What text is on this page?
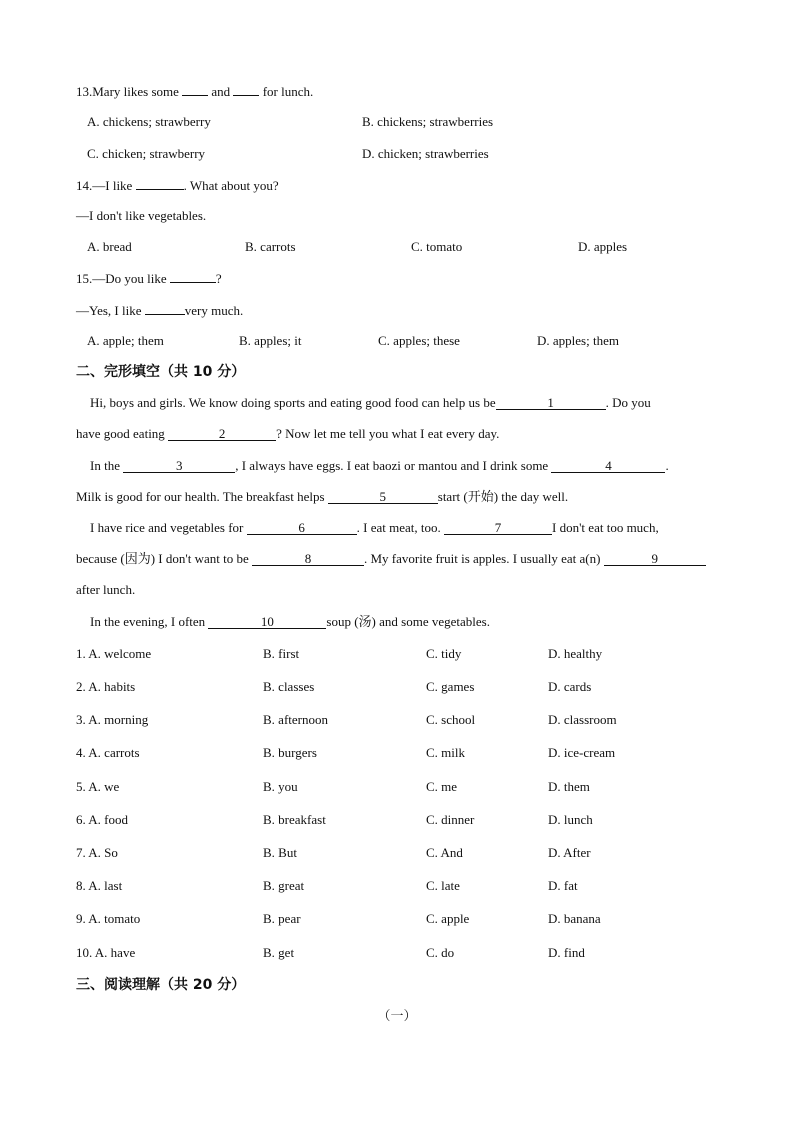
13.Mary likes some	and	for lunch.
A. chickens; strawberry	B. chickens; strawberries
C. chicken; strawberry	D. chicken; strawberries
14.—I like	. What about you?
—I don't like vegetables.
A. bread	B. carrots	C. tomato	D. apples
15.—Do you like	?
—Yes, I like	very much.
A. apple; them	B. apples; it	C. apples; these	D. apples; them
二、完形填空（共 10 分）
Hi, boys and girls. We know doing sports and eating good food can help us be	1	. Do you
have good eating	2	? Now let me tell you what I eat every day.
In the	3	, I always have eggs. I eat baozi or mantou and I drink some	4	.
Milk is good for our health. The breakfast helps	5	start (开始) the day well.
I have rice and vegetables for	6	. I eat meat, too.	7	I don't eat too much,
because (因为) I don't want to be	8	. My favorite fruit is apples. I usually eat a(n)	9
after lunch.
In the evening, I often	10	soup (汤) and some vegetables.
1. A. welcome	B. first	C. tidy	D. healthy
2. A. habits	B. classes	C. games	D. cards
3. A. morning	B. afternoon	C. school	D. classroom
4. A. carrots	B. burgers	C. milk	D. ice-cream
5. A. we	B. you	C. me	D. them
6. A. food	B. breakfast	C. dinner	D. lunch
7. A. So	B. But	C. And	D. After
8. A. last	B. great	C. late	D. fat
9. A. tomato	B. pear	C. apple	D. banana
10. A. have	B. get	C. do	D. find
三、阅读理解（共 20 分）
（一）
